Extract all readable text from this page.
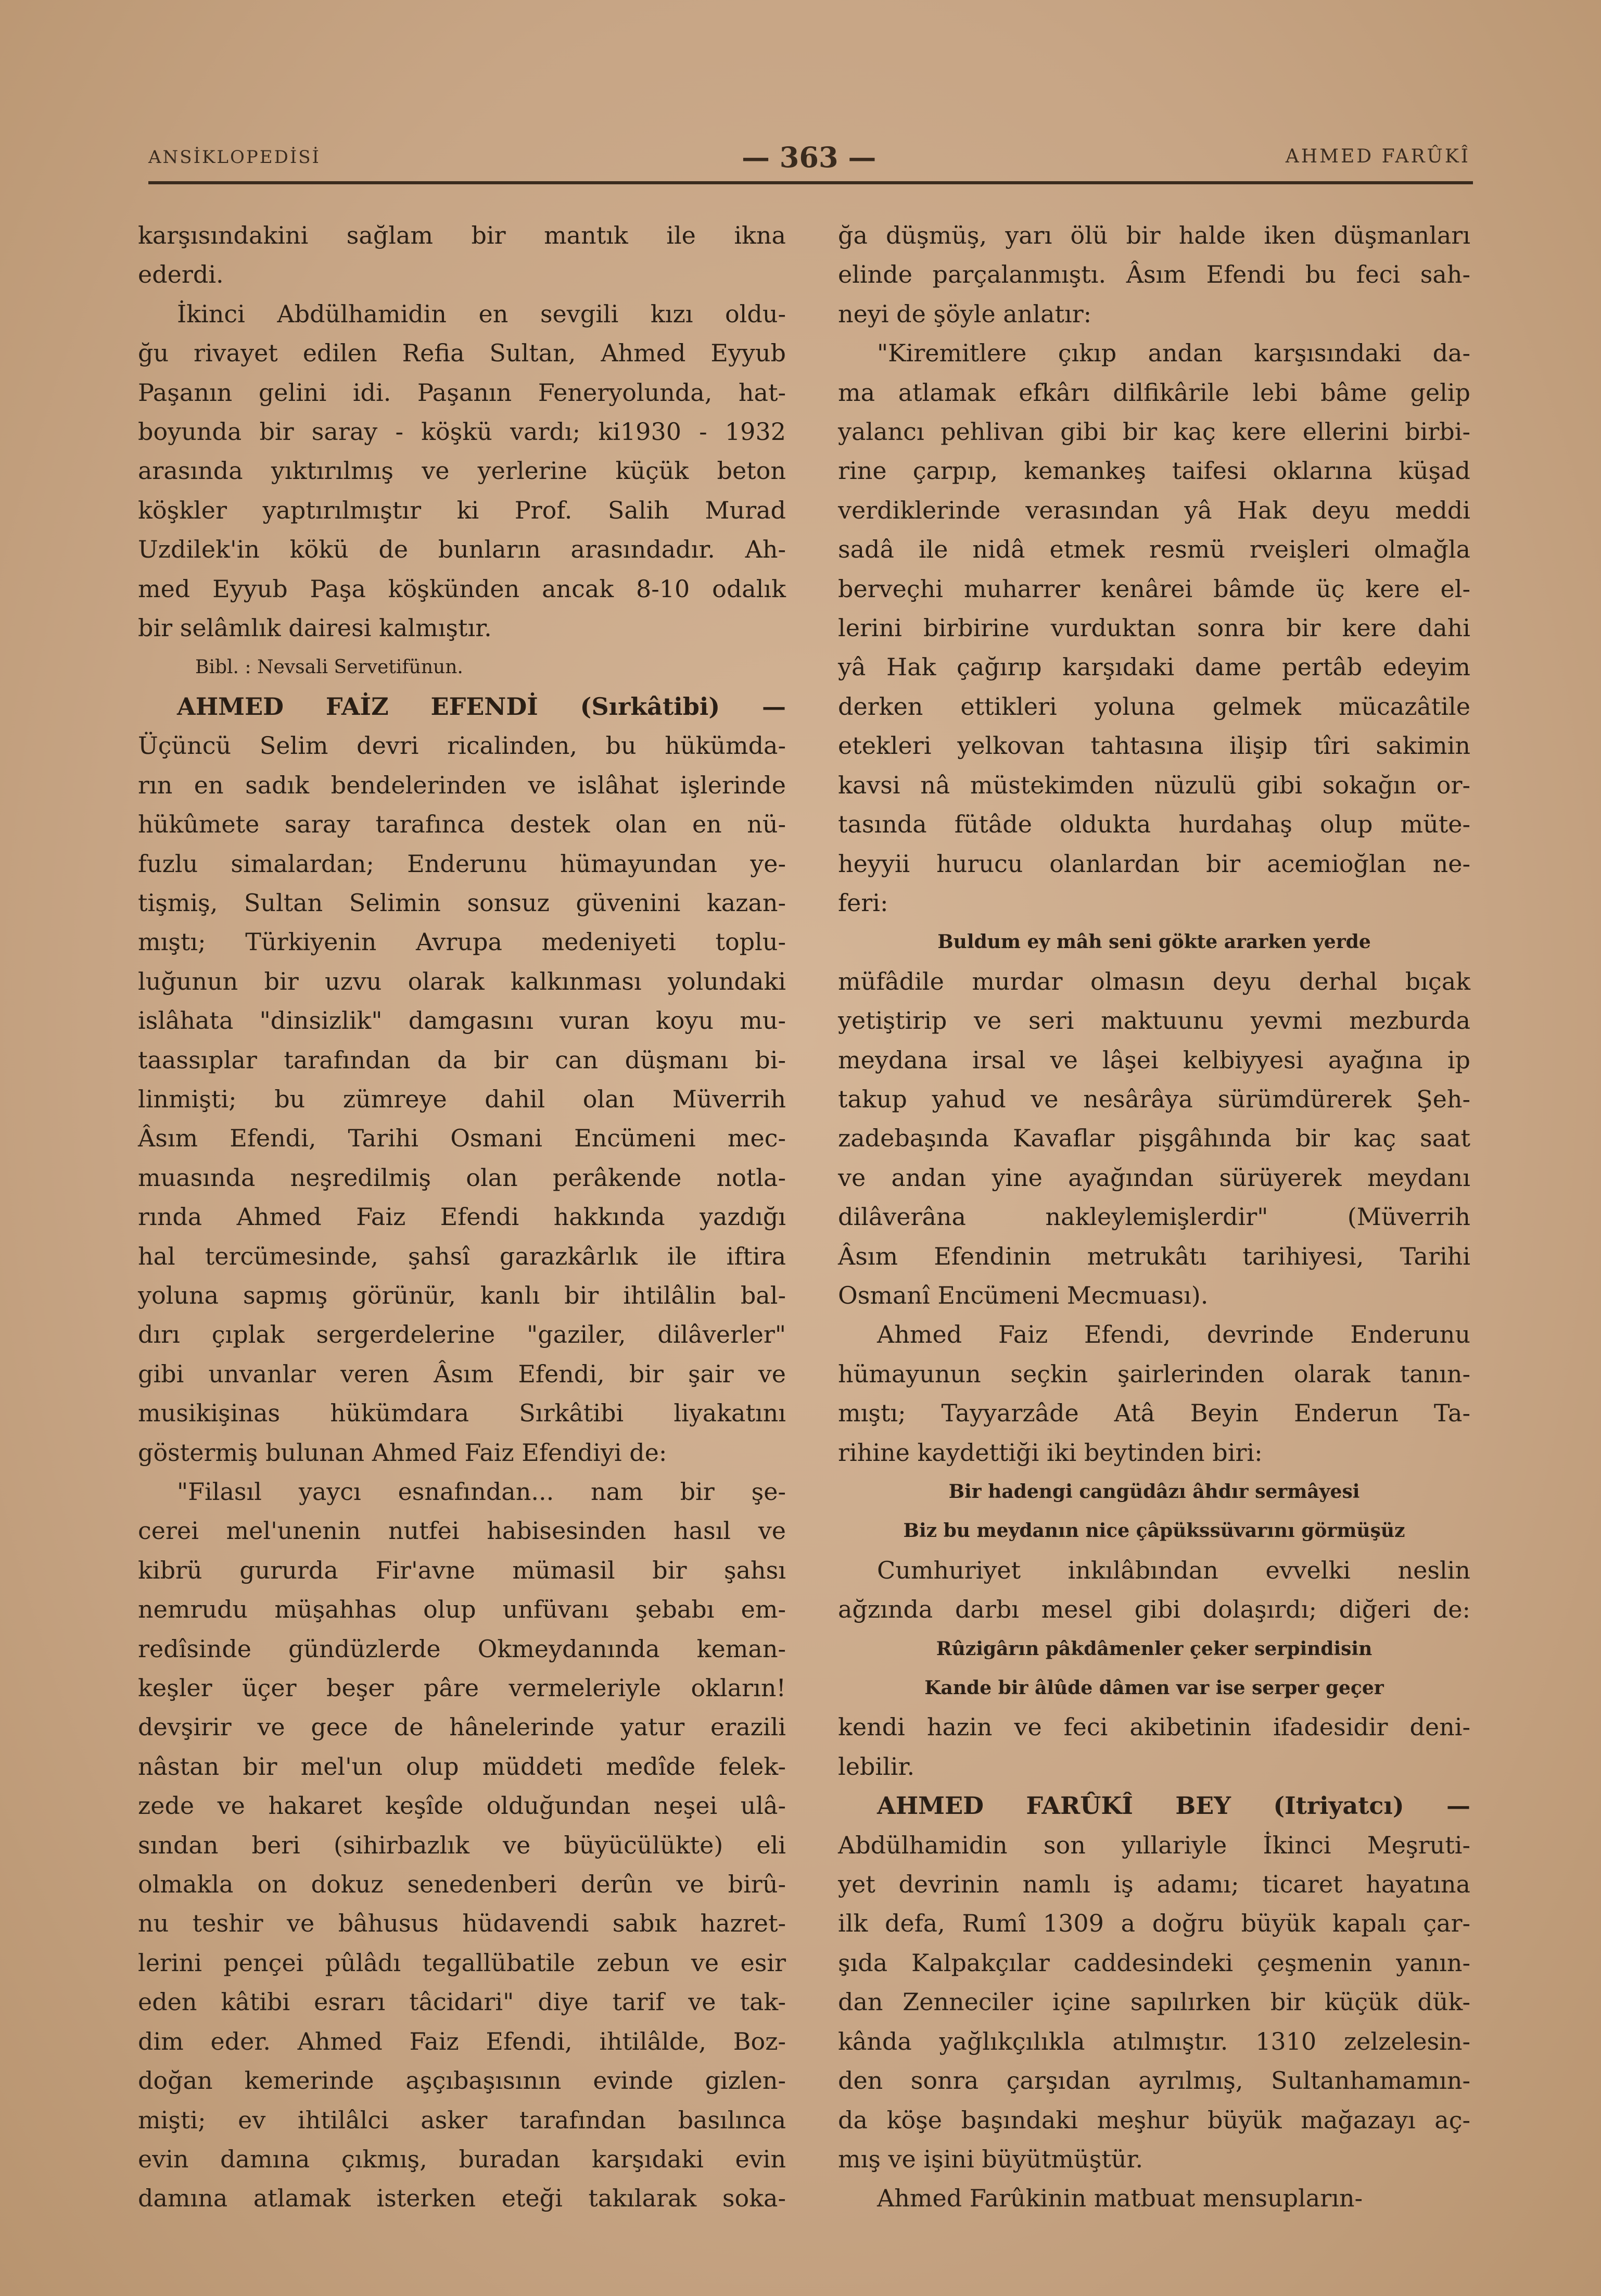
ANSİKLOPEDİSİ	— 363 —	AHMED FARÛKÎ
karşısındakini sağlam bir mantık ile ikna
ederdi.
İkinci Abdülhamidin en sevgili kızı oldu-
ğu rivayet edilen Refia Sultan, Ahmed Eyyub
Paşanın gelini idi. Paşanın Feneryolunda, hat-
boyunda bir saray - köşkü vardı; ki1930 - 1932
arasında yıktırılmış ve yerlerine küçük beton
köşkler yaptırılmıştır ki Prof. Salih Murad
Uzdilek'in kökü de bunların arasındadır. Ah-
med Eyyub Paşa köşkünden ancak 8-10 odalık
bir selâmlık dairesi kalmıştır.
Bibl. : Nevsali Servetifünun.
AHMED FAİZ EFENDİ (Sırkâtibi) —
Üçüncü Selim devri ricalinden, bu hükümda-
rın en sadık bendelerinden ve islâhat işlerinde
hükûmete saray tarafınca destek olan en nü-
fuzlu simalardan; Enderunu hümayundan ye-
tişmiş, Sultan Selimin sonsuz güvenini kazan-
mıştı; Türkiyenin Avrupa medeniyeti toplu-
luğunun bir uzvu olarak kalkınması yolundaki
islâhata "dinsizlik" damgasını vuran koyu mu-
taassıplar tarafından da bir can düşmanı bi-
linmişti; bu zümreye dahil olan Müverrih
Âsım Efendi, Tarihi Osmani Encümeni mec-
muasında neşredilmiş olan perâkende notla-
rında Ahmed Faiz Efendi hakkında yazdığı
hal tercümesinde, şahsî garazkârlık ile iftira
yoluna sapmış görünür, kanlı bir ihtilâlin bal-
dırı çıplak sergerdelerine "gaziler, dilâverler"
gibi unvanlar veren Âsım Efendi, bir şair ve
musikişinas hükümdara Sırkâtibi liyakatını
göstermiş bulunan Ahmed Faiz Efendiyi de:
"Filasıl yaycı esnafından... nam bir şe-
cerei mel'unenin nutfei habisesinden hasıl ve
kibrü gururda Fir'avne mümasil bir şahsı
nemrudu müşahhas olup unfüvanı şebabı em-
redîsinde gündüzlerde Okmeydanında keman-
keşler üçer beşer pâre vermeleriyle okların!
devşirir ve gece de hânelerinde yatur erazili
nâstan bir mel'un olup müddeti medîde felek-
zede ve hakaret keşîde olduğundan neşei ulâ-
sından beri (sihirbazlık ve büyücülükte) eli
olmakla on dokuz senedenberi derûn ve birû-
nu teshir ve bâhusus hüdavendi sabık hazret-
lerini pençei pûlâdı tegallübatile zebun ve esir
eden kâtibi esrarı tâcidari" diye tarif ve tak-
dim eder. Ahmed Faiz Efendi, ihtilâlde, Boz-
doğan kemerinde aşçıbaşısının evinde gizlen-
mişti; ev ihtilâlci asker tarafından basılınca
evin damına çıkmış, buradan karşıdaki evin
damına atlamak isterken eteği takılarak soka-
ğa düşmüş, yarı ölü bir halde iken düşmanları
elinde parçalanmıştı. Âsım Efendi bu feci sah-
neyi de şöyle anlatır:
"Kiremitlere çıkıp andan karşısındaki da-
ma atlamak efkârı dilfikârile lebi bâme gelip
yalancı pehlivan gibi bir kaç kere ellerini birbi-
rine çarpıp, kemankeş taifesi oklarına küşad
verdiklerinde verasından yâ Hak deyu meddi
sadâ ile nidâ etmek resmü rveişleri olmağla
berveçhi muharrer kenârei bâmde üç kere el-
lerini birbirine vurduktan sonra bir kere dahi
yâ Hak çağırıp karşıdaki dame pertâb edeyim
derken ettikleri yoluna gelmek mücazâtile
etekleri yelkovan tahtasına ilişip tîri sakimin
kavsi nâ müstekimden nüzulü gibi sokağın or-
tasında fütâde oldukta hurdahaş olup müte-
heyyii hurucu olanlardan bir acemioğlan ne-
feri:
Buldum ey mâh seni gökte ararken yerde
müfâdile murdar olmasın deyu derhal bıçak
yetiştirip ve seri maktuunu yevmi mezburda
meydana irsal ve lâşei kelbiyyesi ayağına ip
takup yahud ve nesârâya sürümdürerek Şeh-
zadebaşında Kavaflar pişgâhında bir kaç saat
ve andan yine ayağından sürüyerek meydanı
dilâverâna nakleylemişlerdir" (Müverrih
Âsım Efendinin metrukâtı tarihiyesi, Tarihi
Osmanî Encümeni Mecmuası).
Ahmed Faiz Efendi, devrinde Enderunu
hümayunun seçkin şairlerinden olarak tanın-
mıştı; Tayyarzâde Atâ Beyin Enderun Ta-
rihine kaydettiği iki beytinden biri:
Bir hadengi cangüdâzı âhdır sermâyesi
Biz bu meydanın nice çâpükssüvarını görmüşüz
Cumhuriyet inkılâbından evvelki neslin
ağzında darbı mesel gibi dolaşırdı; diğeri de:
Rûzigârın pâkdâmenler çeker serpindisin
Kande bir âlûde dâmen var ise serper geçer
kendi hazin ve feci akibetinin ifadesidir deni-
lebilir.
AHMED FARÛKÎ BEY (Itriyatcı) —
Abdülhamidin son yıllariyle İkinci Meşruti-
yet devrinin namlı iş adamı; ticaret hayatına
ilk defa, Rumî 1309 a doğru büyük kapalı çar-
şıda Kalpakçılar caddesindeki çeşmenin yanın-
dan Zenneciler içine sapılırken bir küçük dük-
kânda yağlıkçılıkla atılmıştır. 1310 zelzelesin-
den sonra çarşıdan ayrılmış, Sultanhamamın-
da köşe başındaki meşhur büyük mağazayı aç-
mış ve işini büyütmüştür.
Ahmed Farûkinin matbuat mensupların-
